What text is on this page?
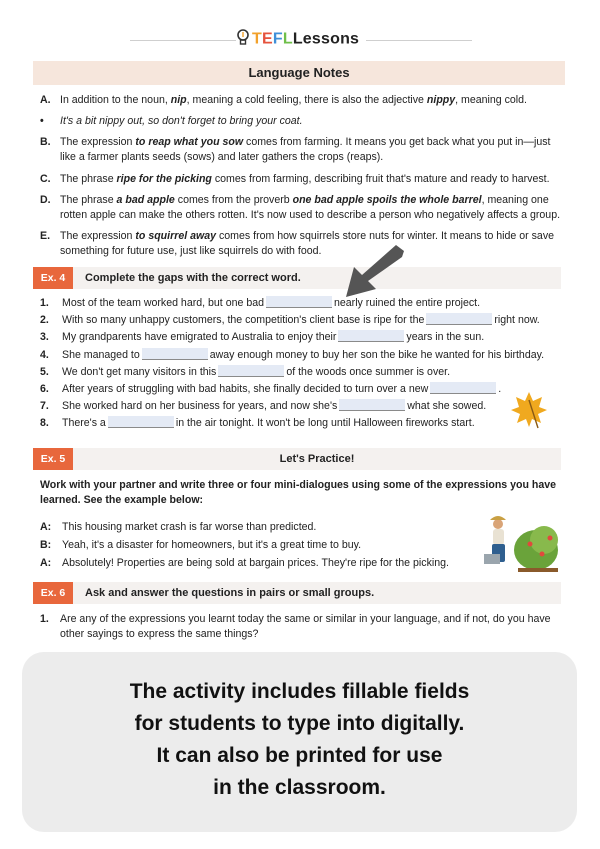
TEFLLessons
Language Notes
A. In addition to the noun, nip, meaning a cold feeling, there is also the adjective nippy, meaning cold.
• It's a bit nippy out, so don't forget to bring your coat.
B. The expression to reap what you sow comes from farming. It means you get back what you put in—just like a farmer plants seeds (sows) and later gathers the crops (reaps).
C. The phrase ripe for the picking comes from farming, describing fruit that's mature and ready to harvest.
D. The phrase a bad apple comes from the proverb one bad apple spoils the whole barrel, meaning one rotten apple can make the others rotten. It's now used to describe a person who negatively affects a group.
E. The expression to squirrel away comes from how squirrels store nuts for winter. It means to hide or save something for future use, just like squirrels do with food.
Ex. 4	Complete the gaps with the correct word.
1. Most of the team worked hard, but one bad	nearly ruined the entire project.
2. With so many unhappy customers, the competition's client base is ripe for the	right now.
3. My grandparents have emigrated to Australia to enjoy their	years in the sun.
4. She managed to	away enough money to buy her son the bike he wanted for his birthday.
5. We don't get many visitors in this	of the woods once summer is over.
6. After years of struggling with bad habits, she finally decided to turn over a new	.
7. She worked hard on her business for years, and now she's	what she sowed.
8. There's a	in the air tonight. It won't be long until Halloween fireworks start.
Ex. 5	Let's Practice!
Work with your partner and write three or four mini-dialogues using some of the expressions you have learned. See the example below:
A: This housing market crash is far worse than predicted.
B: Yeah, it's a disaster for homeowners, but it's a great time to buy.
A: Absolutely! Properties are being sold at bargain prices. They're ripe for the picking.
Ex. 6	Ask and answer the questions in pairs or small groups.
1. Are any of the expressions you learnt today the same or similar in your language, and if not, do you have other sayings to express the same things?
The activity includes fillable fields
for students to type into digitally.
It can also be printed for use
in the classroom.
